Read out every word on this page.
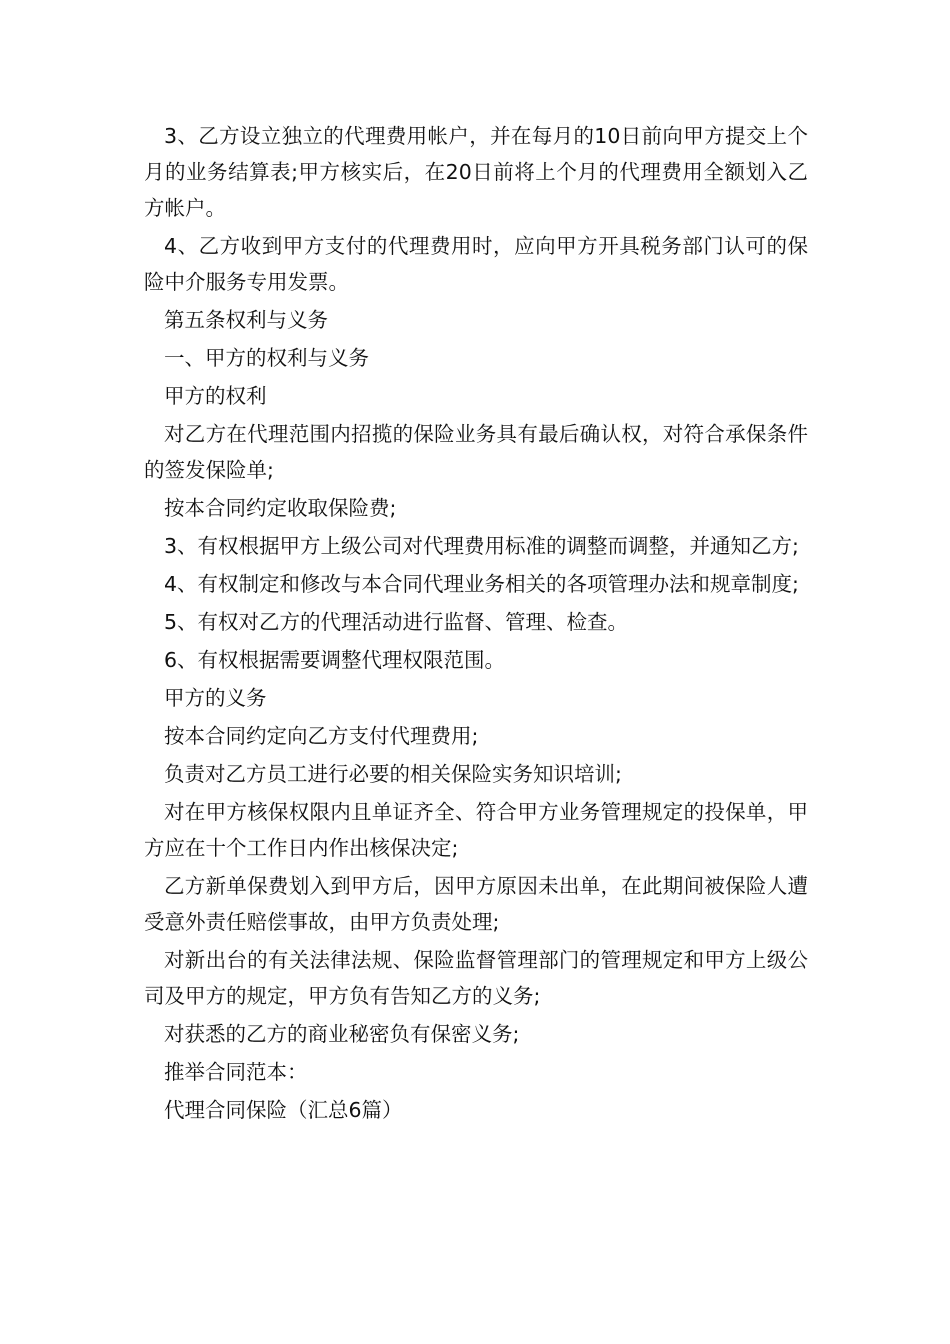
3、乙方设立独立的代理费用帐户，并在每月的10日前向甲方提交上个月的业务结算表;甲方核实后，在20日前将上个月的代理费用全额划入乙方帐户。

4、乙方收到甲方支付的代理费用时，应向甲方开具税务部门认可的保险中介服务专用发票。

第五条权利与义务

一、甲方的权利与义务

甲方的权利

对乙方在代理范围内招揽的保险业务具有最后确认权，对符合承保条件的签发保险单;

按本合同约定收取保险费;

3、有权根据甲方上级公司对代理费用标准的调整而调整，并通知乙方;

4、有权制定和修改与本合同代理业务相关的各项管理办法和规章制度;

5、有权对乙方的代理活动进行监督、管理、检查。

6、有权根据需要调整代理权限范围。

甲方的义务

按本合同约定向乙方支付代理费用;

负责对乙方员工进行必要的相关保险实务知识培训;

对在甲方核保权限内且单证齐全、符合甲方业务管理规定的投保单，甲方应在十个工作日内作出核保决定;

乙方新单保费划入到甲方后，因甲方原因未出单，在此期间被保险人遭受意外责任赔偿事故，由甲方负责处理;

对新出台的有关法律法规、保险监督管理部门的管理规定和甲方上级公司及甲方的规定，甲方负有告知乙方的义务;

对获悉的乙方的商业秘密负有保密义务;

推举合同范本：

代理合同保险（汇总6篇）
